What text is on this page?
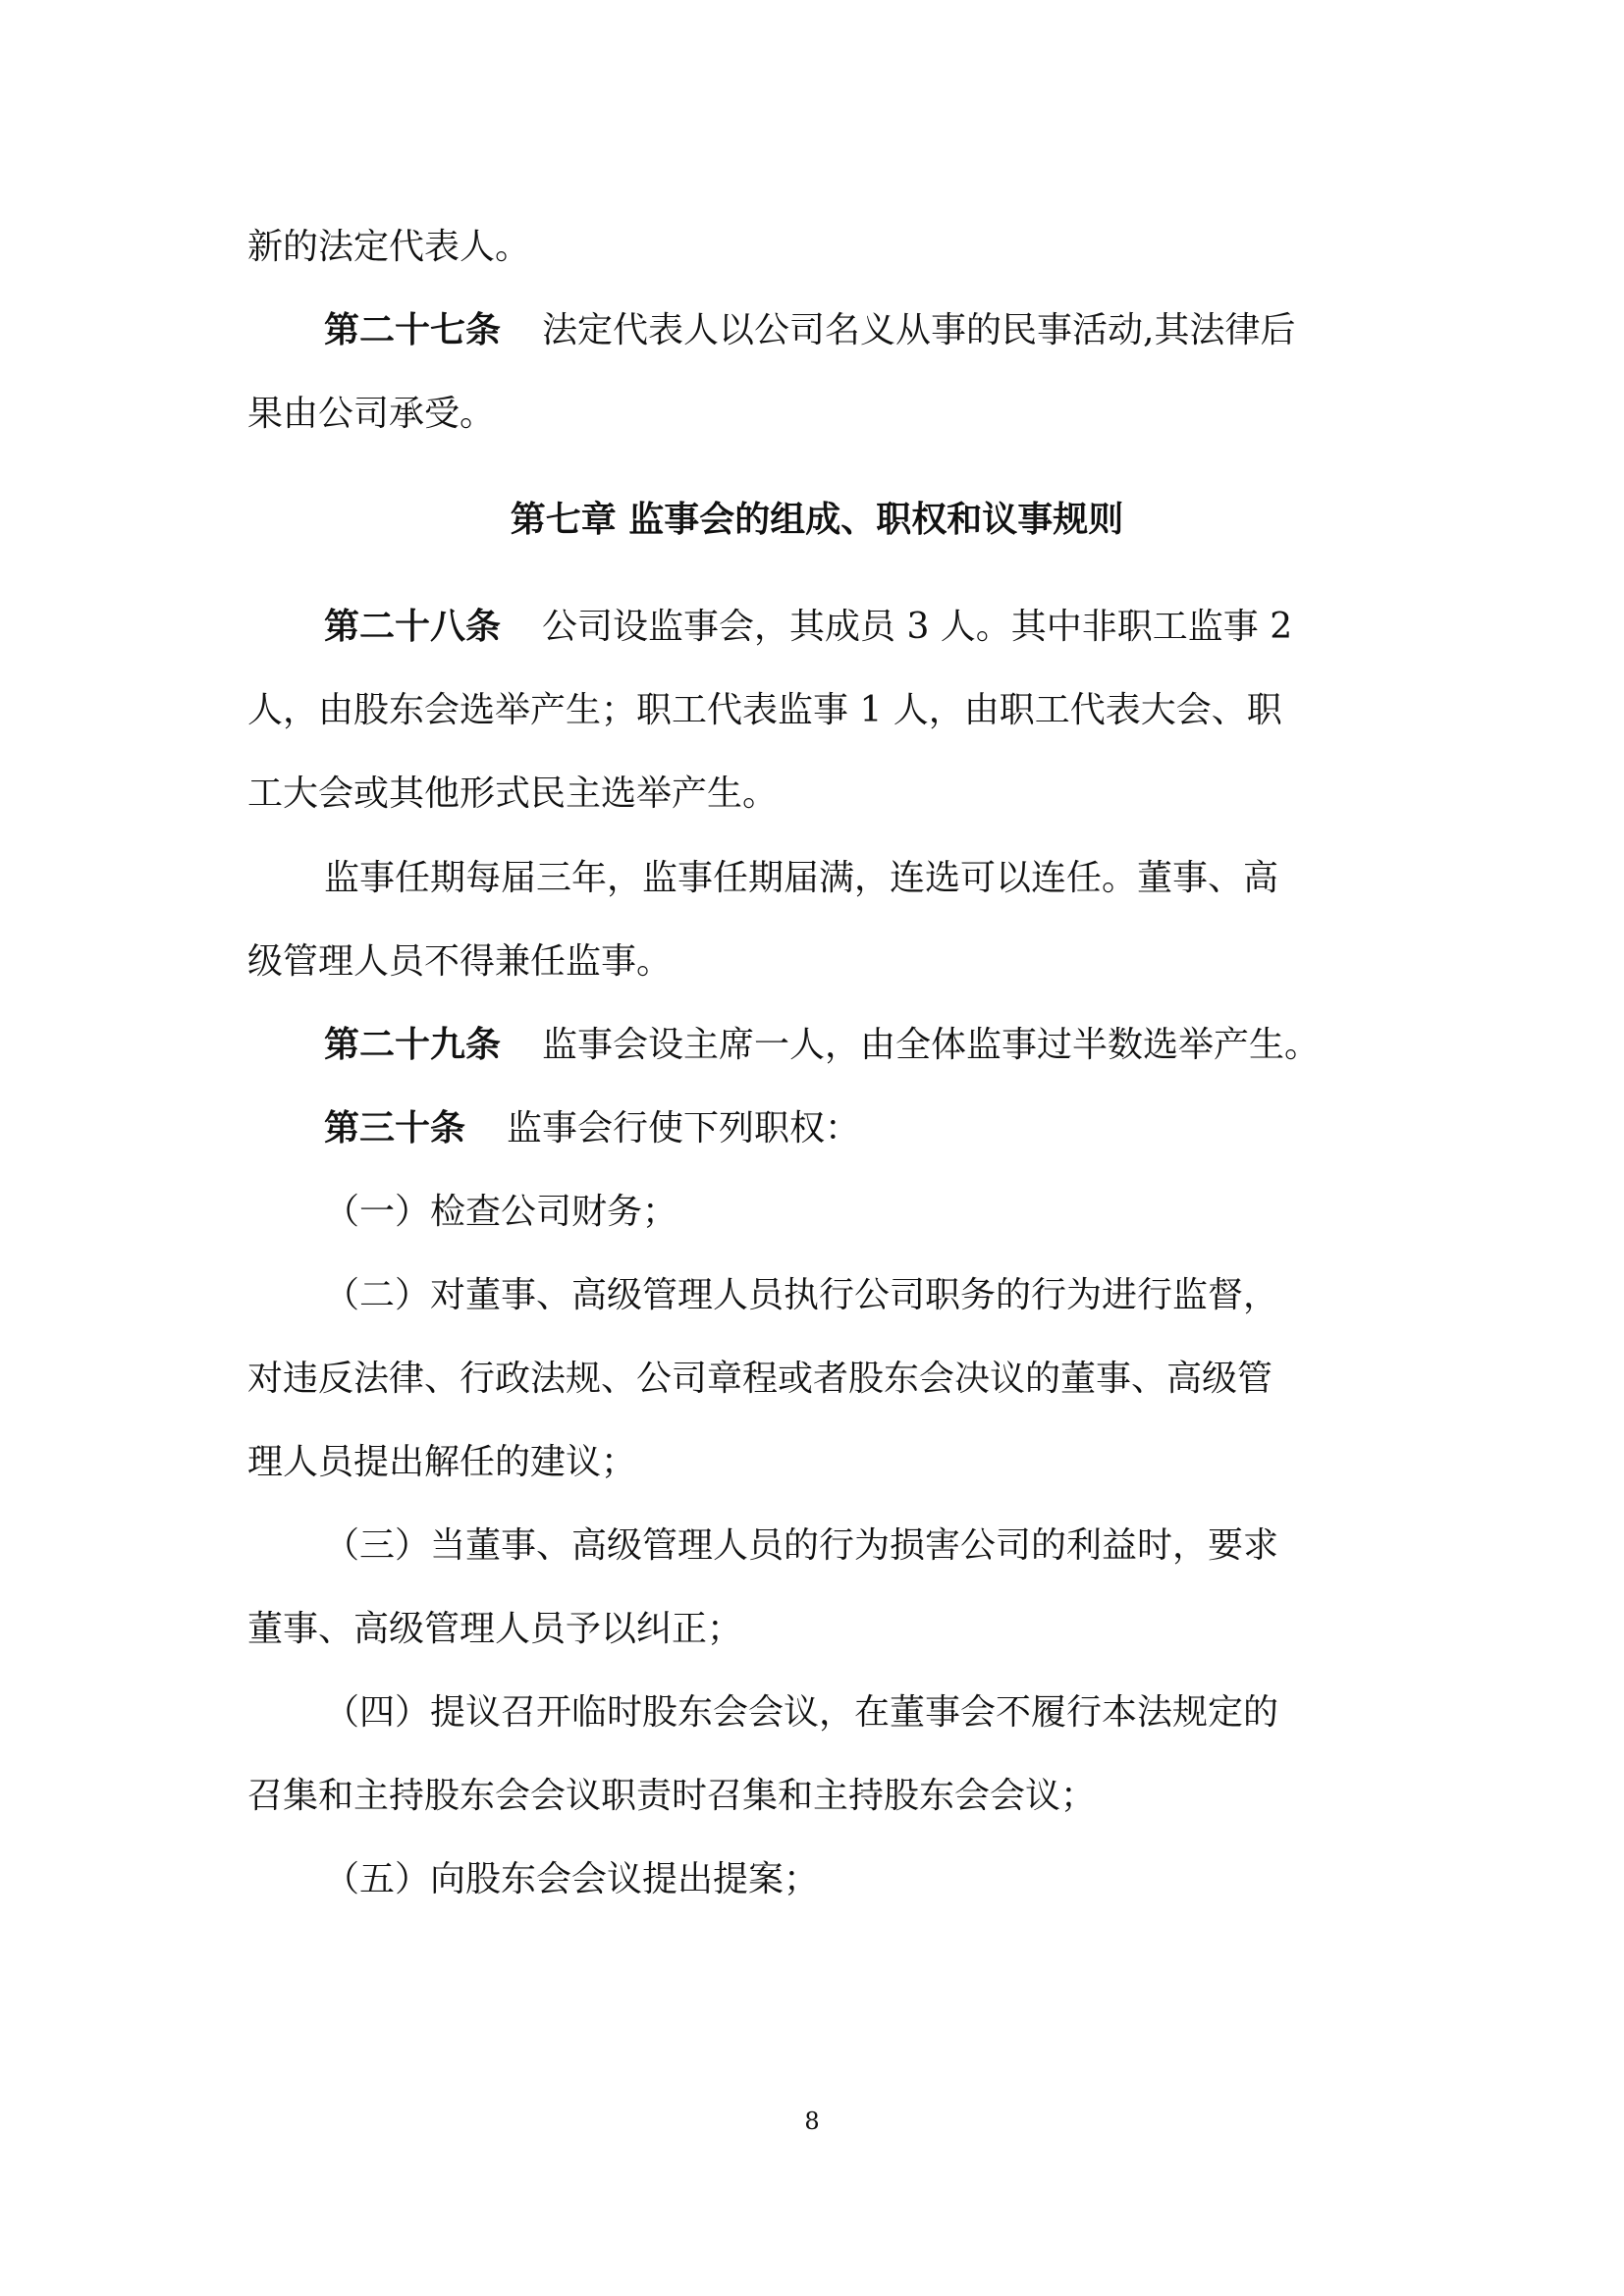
新的法定代表人。
第二十七条 法定代表人以公司名义从事的民事活动,其法律后
果由公司承受。
第七章 监事会的组成、职权和议事规则
第二十八条 公司设监事会，其成员 3 人。其中非职工监事 2
人，由股东会选举产生；职工代表监事 1 人，由职工代表大会、职
工大会或其他形式民主选举产生。
监事任期每届三年，监事任期届满，连选可以连任。董事、高
级管理人员不得兼任监事。
第二十九条 监事会设主席一人，由全体监事过半数选举产生。
第三十条 监事会行使下列职权：
（一）检查公司财务；
（二）对董事、高级管理人员执行公司职务的行为进行监督，
对违反法律、行政法规、公司章程或者股东会决议的董事、高级管
理人员提出解任的建议；
（三）当董事、高级管理人员的行为损害公司的利益时，要求
董事、高级管理人员予以纠正；
（四）提议召开临时股东会会议，在董事会不履行本法规定的
召集和主持股东会会议职责时召集和主持股东会会议；
（五）向股东会会议提出提案；
8
